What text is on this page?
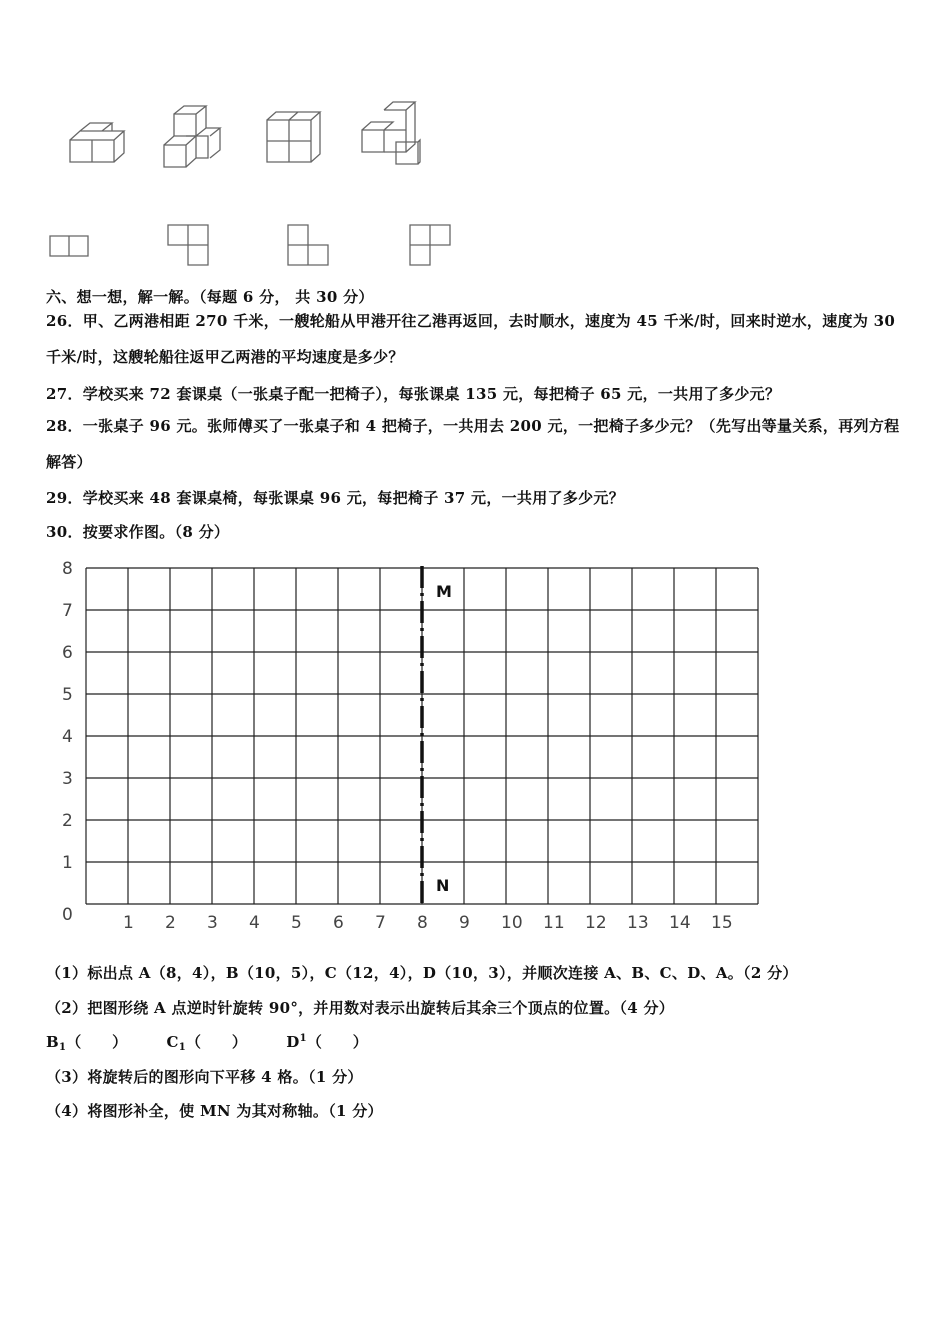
六、想一想，解一解。（每题 6 分， 共 30 分）
26．甲、乙两港相距 270 千米，一艘轮船从甲港开往乙港再返回，去时顺水，速度为 45 千米/时，回来时逆水，速度为 30 千米/时，这艘轮船往返甲乙两港的平均速度是多少？
27．学校买来 72 套课桌（一张桌子配一把椅子），每张课桌 135 元，每把椅子 65 元，一共用了多少元？
28．一张桌子 96 元。张师傅买了一张桌子和 4 把椅子，一共用去 200 元，一把椅子多少元？（先写出等量关系，再列方程解答）
29．学校买来 48 套课桌椅，每张课桌 96 元，每把椅子 37 元，一共用了多少元？
30．按要求作图。（8 分）
1 2 3 4 5 6 7 8 9 10 11 12 13 14 15
0
1
2
3
4
5
6
7
8
M
N
（1）标出点 A（8，4），B（10，5），C（12，4），D（10，3），并顺次连接 A、B、C、D、A。（2 分）
（2）把图形绕 A 点逆时针旋转 90°，并用数对表示出旋转后其余三个顶点的位置。（4 分）
$B_1$（　　）	$C_1$（　　）	$D^1$（　　）
（3）将旋转后的图形向下平移 4 格。（1 分）
（4）将图形补全，使 MN 为其对称轴。（1 分）
